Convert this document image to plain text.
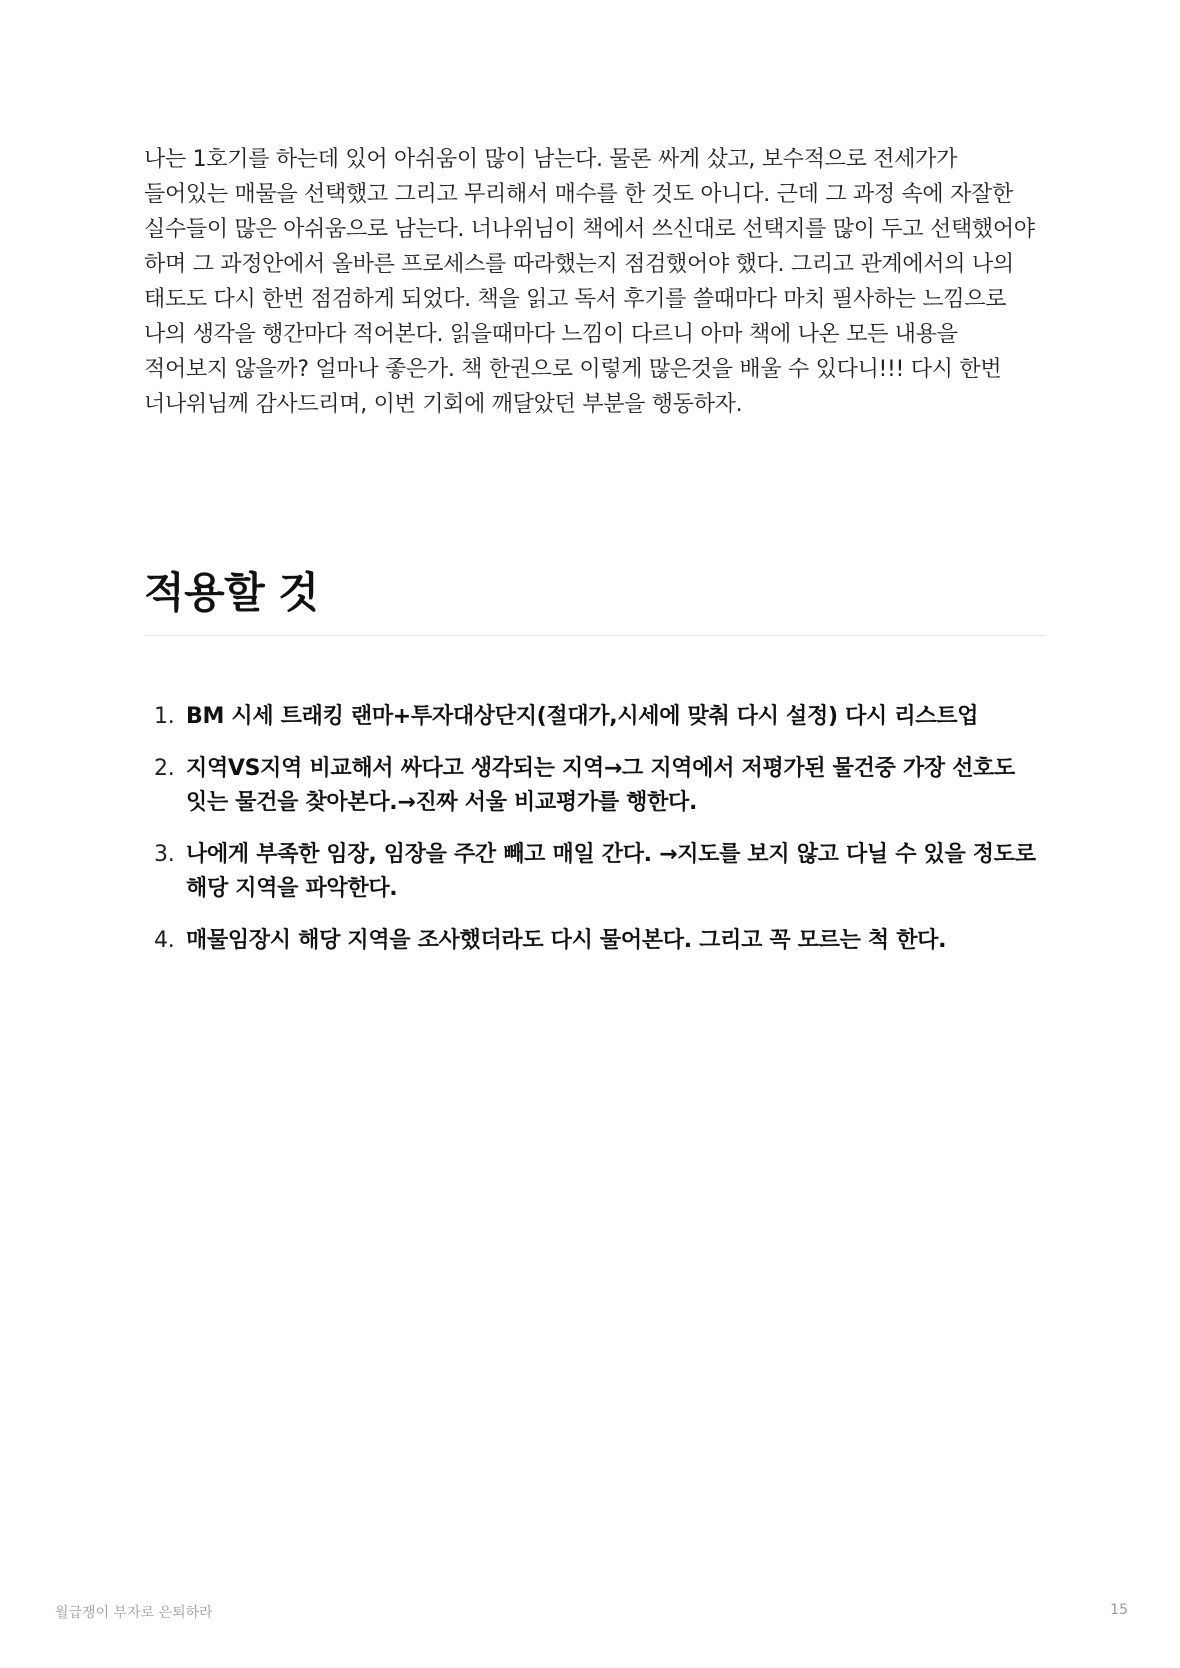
나는 1호기를 하는데 있어 아쉬움이 많이 남는다. 물론 싸게 샀고, 보수적으로 전세가가 들어있는 매물을 선택했고 그리고 무리해서 매수를 한 것도 아니다. 근데 그 과정 속에 자잘한 실수들이 많은 아쉬움으로 남는다. 너나위님이 책에서 쓰신대로 선택지를 많이 두고 선택했어야 하며 그 과정안에서 올바른 프로세스를 따라했는지 점검했어야 했다. 그리고 관계에서의 나의 태도도 다시 한번 점검하게 되었다. 책을 읽고 독서 후기를 쓸때마다 마치 필사하는 느낌으로 나의 생각을 행간마다 적어본다. 읽을때마다 느낌이 다르니 아마 책에 나온 모든 내용을 적어보지 않을까? 얼마나 좋은가. 책 한권으로 이렇게 많은것을 배울 수 있다니!!! 다시 한번 너나위님께 감사드리며, 이번 기회에 깨달았던 부분을 행동하자.

적용할 것
1. BM 시세 트래킹 랜마+투자대상단지(절대가,시세에 맞춰 다시 설정) 다시 리스트업
2. 지역VS지역 비교해서 싸다고 생각되는 지역→그 지역에서 저평가된 물건중 가장 선호도 잇는 물건을 찾아본다.→진짜 서울 비교평가를 행한다.
3. 나에게 부족한 임장, 임장을 주간 빼고 매일 간다. →지도를 보지 않고 다닐 수 있을 정도로 해당 지역을 파악한다.
4. 매물임장시 해당 지역을 조사했더라도 다시 물어본다. 그리고 꼭 모르는 척 한다.
월급쟁이 부자로 은퇴하라	15
